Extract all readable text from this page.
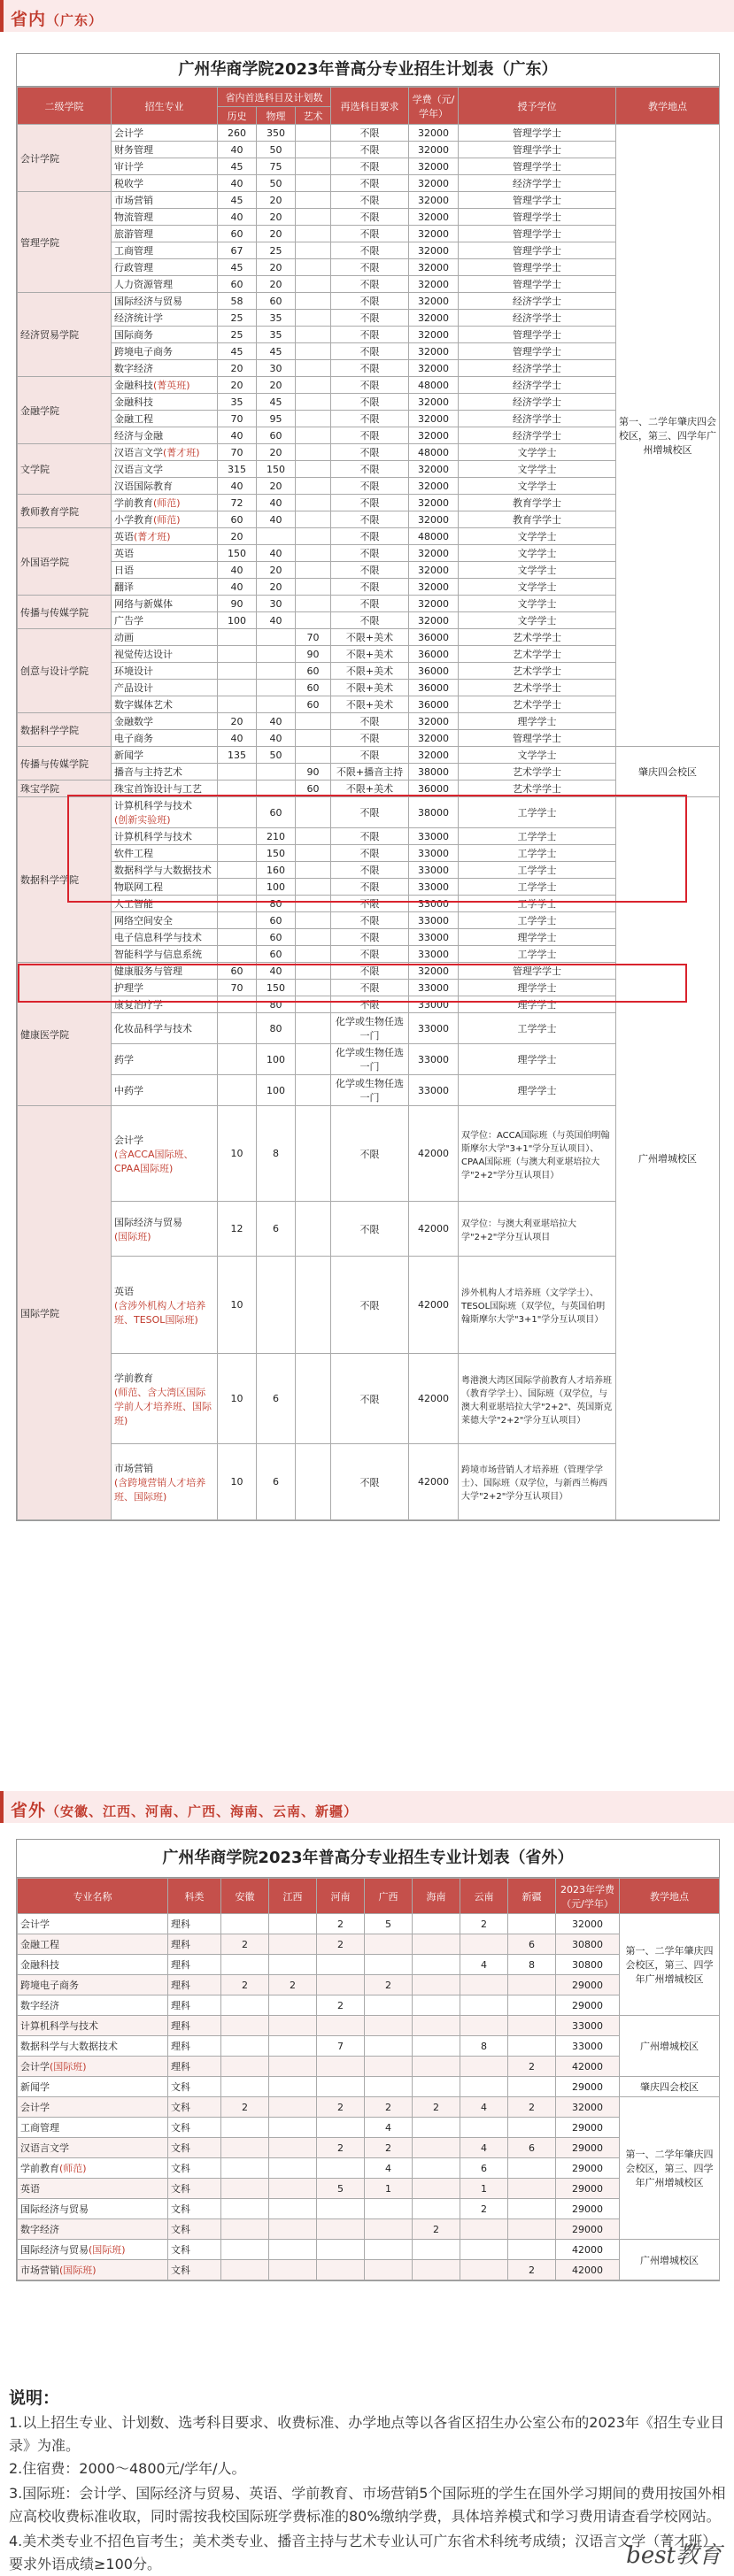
省内（广东）
广州华商学院2023年普高分专业招生计划表（广东）
二级学院	招生专业	省内首选科目及计划数			再选科目要求	学费（元/学年）	授予学位	教学地点
		历史	物理	艺术				
会计学院	会计学	260	350		不限	32000	管理学学士	第一、二学年肇庆四会校区，第三、四学年广州增城校区
	财务管理	40	50		不限	32000	管理学学士	
	审计学	45	75		不限	32000	管理学学士	
	税收学	40	50		不限	32000	经济学学士	
管理学院	市场营销	45	20		不限	32000	管理学学士	
	物流管理	40	20		不限	32000	管理学学士	
	旅游管理	60	20		不限	32000	管理学学士	
	工商管理	67	25		不限	32000	管理学学士	
	行政管理	45	20		不限	32000	管理学学士	
	人力资源管理	60	20		不限	32000	管理学学士	
经济贸易学院	国际经济与贸易	58	60		不限	32000	经济学学士	
	经济统计学	25	35		不限	32000	经济学学士	
	国际商务	25	35		不限	32000	管理学学士	
	跨境电子商务	45	45		不限	32000	管理学学士	
	数字经济	20	30		不限	32000	经济学学士	
金融学院	金融科技(菁英班)	20	20		不限	48000	经济学学士	
	金融科技	35	45		不限	32000	经济学学士	
	金融工程	70	95		不限	32000	经济学学士	
	经济与金融	40	60		不限	32000	经济学学士	
文学院	汉语言文学(菁才班)	70	20		不限	48000	文学学士	
	汉语言文学	315	150		不限	32000	文学学士	
	汉语国际教育	40	20		不限	32000	文学学士	
教师教育学院	学前教育(师范)	72	40		不限	32000	教育学学士	
	小学教育(师范)	60	40		不限	32000	教育学学士	
外国语学院	英语(菁才班)	20			不限	48000	文学学士	
	英语	150	40		不限	32000	文学学士	
	日语	40	20		不限	32000	文学学士	
	翻译	40	20		不限	32000	文学学士	
传播与传媒学院	网络与新媒体	90	30		不限	32000	文学学士	
	广告学	100	40		不限	32000	文学学士	
创意与设计学院	动画			70	不限+美术	36000	艺术学学士	
	视觉传达设计			90	不限+美术	36000	艺术学学士	
	环境设计			60	不限+美术	36000	艺术学学士	
	产品设计			60	不限+美术	36000	艺术学学士	
	数字媒体艺术			60	不限+美术	36000	艺术学学士	
数据科学学院	金融数学	20	40		不限	32000	理学学士	
	电子商务	40	40		不限	32000	管理学学士	
传播与传媒学院	新闻学	135	50		不限	32000	文学学士	肇庆四会校区
	播音与主持艺术			90	不限+播音主持	38000	艺术学学士	
珠宝学院	珠宝首饰设计与工艺			60	不限+美术	36000	艺术学学士	
数据科学学院	计算机科学与技术
(创新实验班)		60		不限	38000	工学学士	广州增城校区
	计算机科学与技术		210		不限	33000	工学学士	
	软件工程		150		不限	33000	工学学士	
	数据科学与大数据技术		160		不限	33000	工学学士	
	物联网工程		100		不限	33000	工学学士	
	人工智能		80		不限	33000	工学学士	
	网络空间安全		60		不限	33000	工学学士	
	电子信息科学与技术		60		不限	33000	理学学士	
	智能科学与信息系统		60		不限	33000	工学学士	
健康医学院	健康服务与管理	60	40		不限	32000	管理学学士	
	护理学	70	150		不限	33000	理学学士	
	康复治疗学		80		不限	33000	理学学士	
	化妆品科学与技术		80		化学或生物任选一门	33000	工学学士	
	药学		100		化学或生物任选一门	33000	理学学士	
	中药学		100		化学或生物任选一门	33000	理学学士	
国际学院	会计学
(含ACCA国际班、CPAA国际班)	10	8		不限	42000	双学位：ACCA国际班（与英国伯明翰斯摩尔大学"3+1"学分互认项目）、CPAA国际班（与澳大利亚堪培拉大学"2+2"学分互认项目）	

	国际经济与贸易
(国际班)	12	6		不限	42000	双学位：与澳大利亚堪培拉大学"2+2"学分互认项目	

	英语
(含涉外机构人才培养班、TESOL国际班)	10			不限	42000	涉外机构人才培养班（文学学士）、TESOL国际班（双学位，与英国伯明翰斯摩尔大学"3+1"学分互认项目）	

	学前教育
(师范、含大湾区国际学前人才培养班、国际班)	10	6		不限	42000	粤港澳大湾区国际学前教育人才培养班（教育学学士）、国际班（双学位，与澳大利亚堪培拉大学"2+2"、英国斯克莱德大学"2+2"学分互认项目）	

	市场营销
(含跨境营销人才培养班、国际班)	10	6		不限	42000	跨境市场营销人才培养班（管理学学士）、国际班（双学位，与新西兰梅西大学"2+2"学分互认项目）	
省外（安徽、江西、河南、广西、海南、云南、新疆）
广州华商学院2023年普高分专业招生专业计划表（省外）
专业名称	科类	安徽	江西	河南	广西	海南	云南	新疆	2023年学费（元/学年）	教学地点
会计学	理科			2	5		2		32000	第一、二学年肇庆四会校区，第三、四学年广州增城校区
金融工程	理科	2		2				6	30800	
金融科技	理科						4	8	30800	
跨境电子商务	理科	2	2		2				29000	
数字经济	理科			2					29000	
计算机科学与技术	理科								33000	广州增城校区
数据科学与大数据技术	理科			7			8		33000	
会计学(国际班)	理科							2	42000	
新闻学	文科								29000	肇庆四会校区
会计学	文科	2		2	2	2	4	2	32000	第一、二学年肇庆四会校区，第三、四学年广州增城校区
工商管理	文科				4				29000	
汉语言文学	文科			2	2		4	6	29000	
学前教育(师范)	文科				4		6		29000	
英语	文科			5	1		1		29000	
国际经济与贸易	文科						2		29000	
数字经济	文科					2			29000	
国际经济与贸易(国际班)	文科								42000	广州增城校区
市场营销(国际班)	文科							2	42000	
说明：
1.以上招生专业、计划数、选考科目要求、收费标准、办学地点等以各省区招生办公室公布的2023年《招生专业目录》为准。
2.住宿费：2000～4800元/学年/人。
3.国际班：会计学、国际经济与贸易、英语、学前教育、市场营销5个国际班的学生在国外学习期间的费用按国外相应高校收费标准收取，同时需按我校国际班学费标准的80%缴纳学费，具体培养模式和学习费用请查看学校网站。
4.美术类专业不招色盲考生；美术类专业、播音主持与艺术专业认可广东省术科统考成绩；汉语言文学（菁才班）要求外语成绩≥100分。	best教育
